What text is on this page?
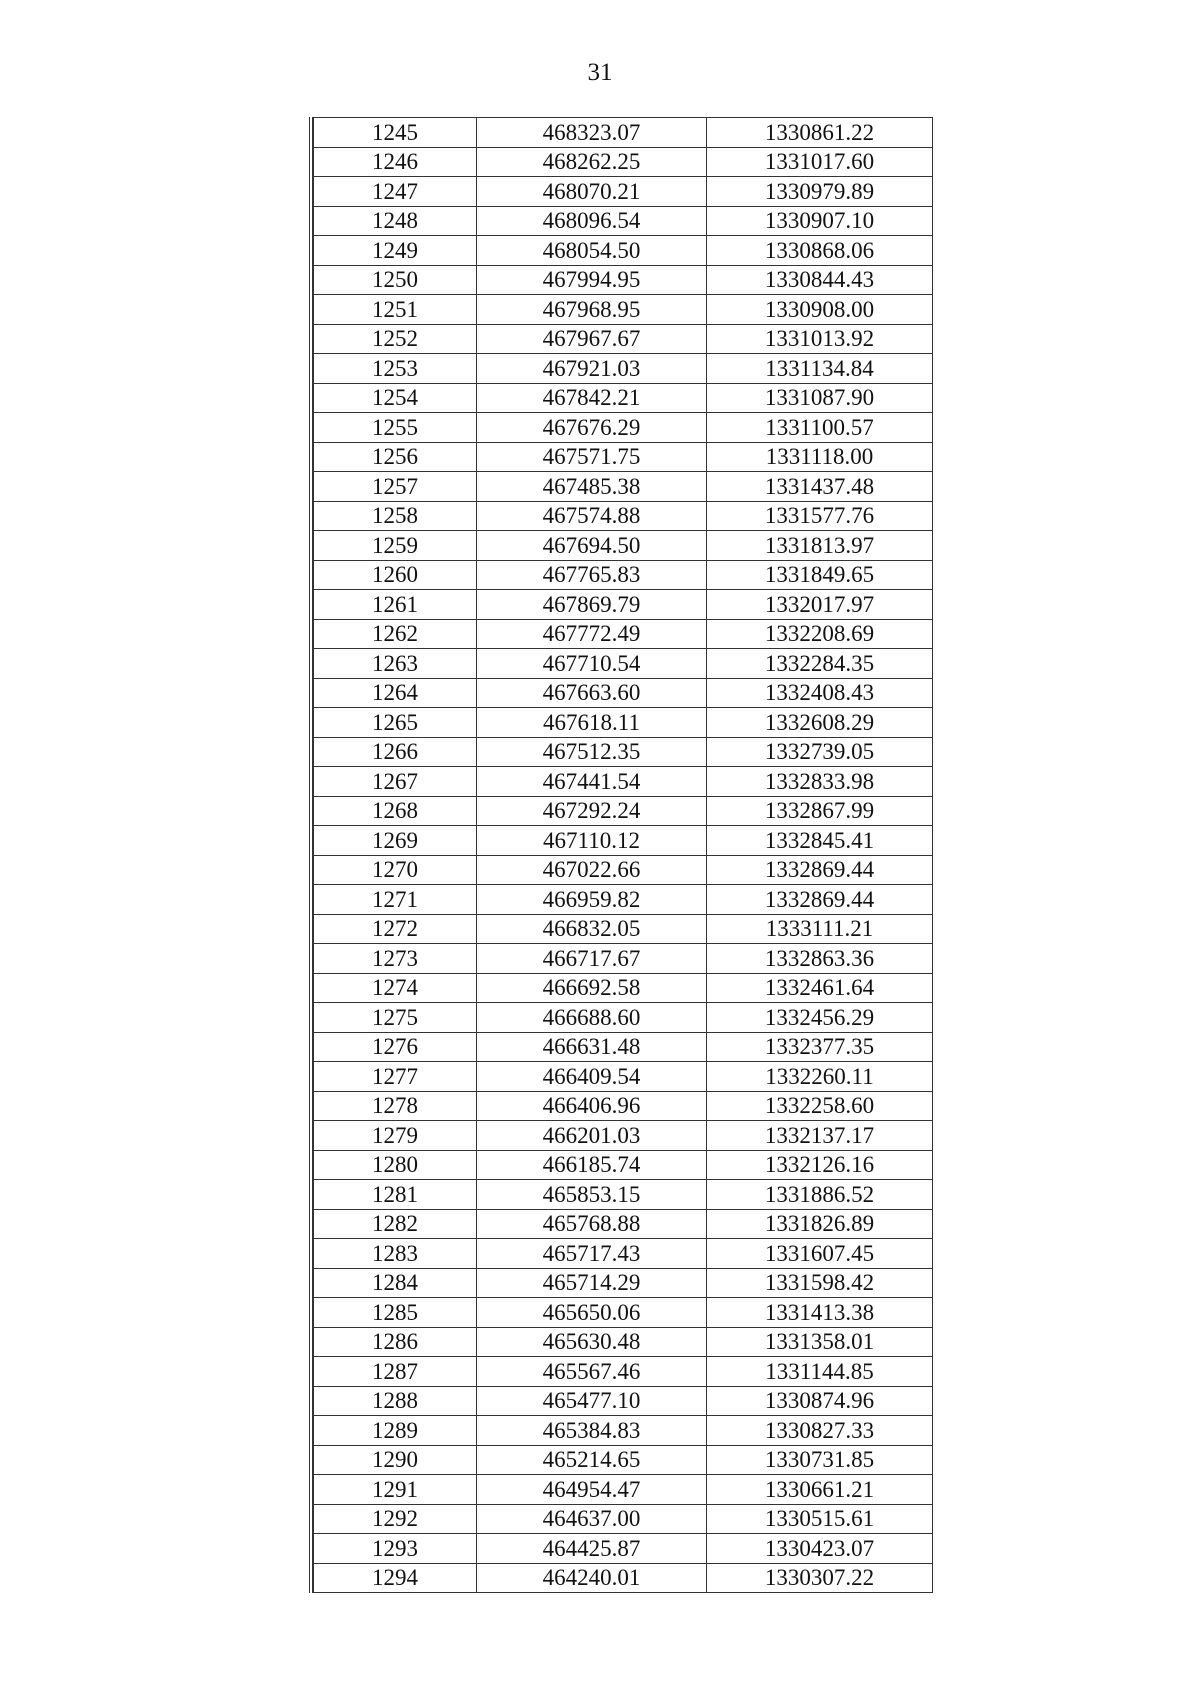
31
1245	468323.07	1330861.22
1246	468262.25	1331017.60
1247	468070.21	1330979.89
1248	468096.54	1330907.10
1249	468054.50	1330868.06
1250	467994.95	1330844.43
1251	467968.95	1330908.00
1252	467967.67	1331013.92
1253	467921.03	1331134.84
1254	467842.21	1331087.90
1255	467676.29	1331100.57
1256	467571.75	1331118.00
1257	467485.38	1331437.48
1258	467574.88	1331577.76
1259	467694.50	1331813.97
1260	467765.83	1331849.65
1261	467869.79	1332017.97
1262	467772.49	1332208.69
1263	467710.54	1332284.35
1264	467663.60	1332408.43
1265	467618.11	1332608.29
1266	467512.35	1332739.05
1267	467441.54	1332833.98
1268	467292.24	1332867.99
1269	467110.12	1332845.41
1270	467022.66	1332869.44
1271	466959.82	1332869.44
1272	466832.05	1333111.21
1273	466717.67	1332863.36
1274	466692.58	1332461.64
1275	466688.60	1332456.29
1276	466631.48	1332377.35
1277	466409.54	1332260.11
1278	466406.96	1332258.60
1279	466201.03	1332137.17
1280	466185.74	1332126.16
1281	465853.15	1331886.52
1282	465768.88	1331826.89
1283	465717.43	1331607.45
1284	465714.29	1331598.42
1285	465650.06	1331413.38
1286	465630.48	1331358.01
1287	465567.46	1331144.85
1288	465477.10	1330874.96
1289	465384.83	1330827.33
1290	465214.65	1330731.85
1291	464954.47	1330661.21
1292	464637.00	1330515.61
1293	464425.87	1330423.07
1294	464240.01	1330307.22
